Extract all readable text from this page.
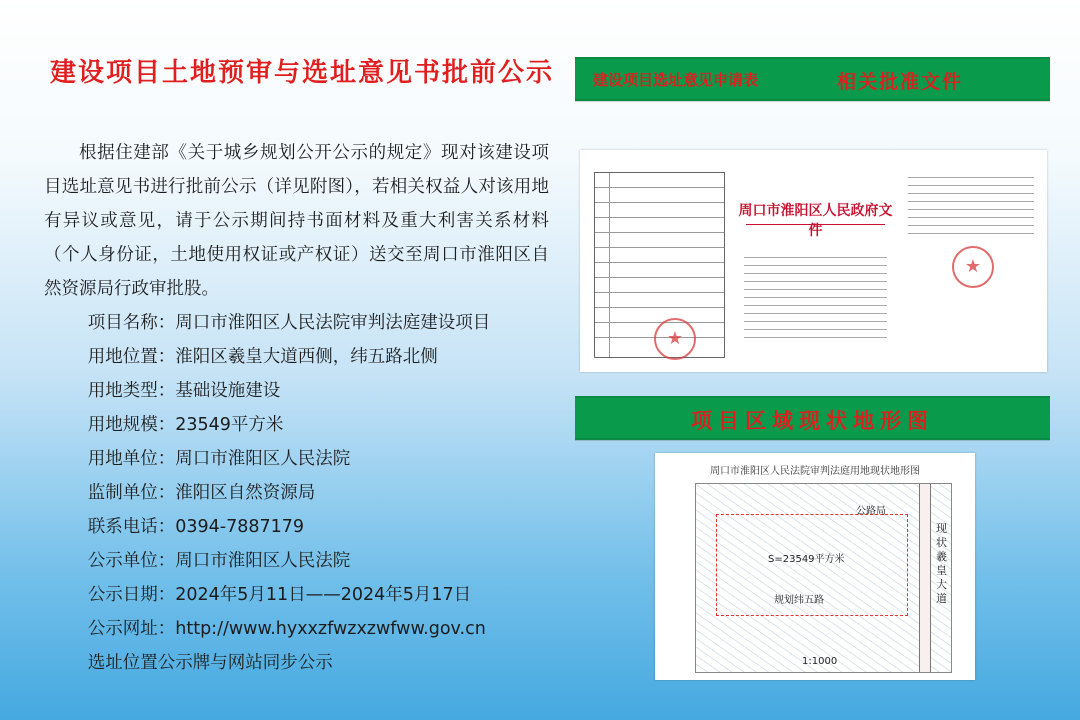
建设项目土地预审与选址意见书批前公示
根据住建部《关于城乡规划公开公示的规定》现对该建设项目选址意见书进行批前公示（详见附图），若相关权益人对该用地有异议或意见，请于公示期间持书面材料及重大利害关系材料（个人身份证，土地使用权证或产权证）送交至周口市淮阳区自然资源局行政审批股。
项目名称：周口市淮阳区人民法院审判法庭建设项目
用地位置：淮阳区羲皇大道西侧，纬五路北侧
用地类型：基础设施建设
用地规模：23549平方米
用地单位：周口市淮阳区人民法院
监制单位：淮阳区自然资源局
联系电话：0394-7887179
公示单位：周口市淮阳区人民法院
公示日期：2024年5月11日——2024年5月17日
公示网址：http://www.hyxxzfwzxzwfww.gov.cn
选址位置公示牌与网站同步公示
建设项目选址意见申请表	相关批准文件
★
周口市淮阳区人民政府文件
★
项目区域现状地形图
周口市淮阳区人民法院审判法庭用地现状地形图
公路局
S=23549平方米
规划纬五路
现状羲皇大道
1:1000
